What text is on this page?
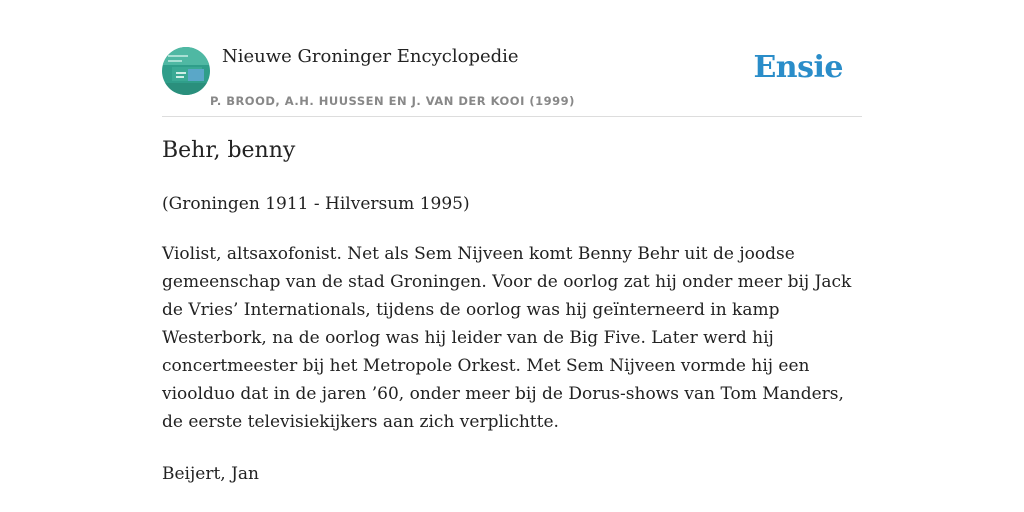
Nieuwe Groninger Encyclopedie
P. BROOD, A.H. HUUSSEN EN J. VAN DER KOOI (1999)
Ensie
Behr, benny

(Groningen 1911 - Hilversum 1995)

Violist, altsaxofonist. Net als Sem Nijveen komt Benny Behr uit de joodse gemeenschap van de stad Groningen. Voor de oorlog zat hij onder meer bij Jack de Vries’ Internationals, tijdens de oorlog was hij geïnterneerd in kamp Westerbork, na de oorlog was hij leider van de Big Five. Later werd hij concertmeester bij het Metropole Orkest. Met Sem Nijveen vormde hij een vioolduo dat in de jaren ’60, onder meer bij de Dorus-shows van Tom Manders, de eerste televisiekijkers aan zich verplichtte.

Beijert, Jan
